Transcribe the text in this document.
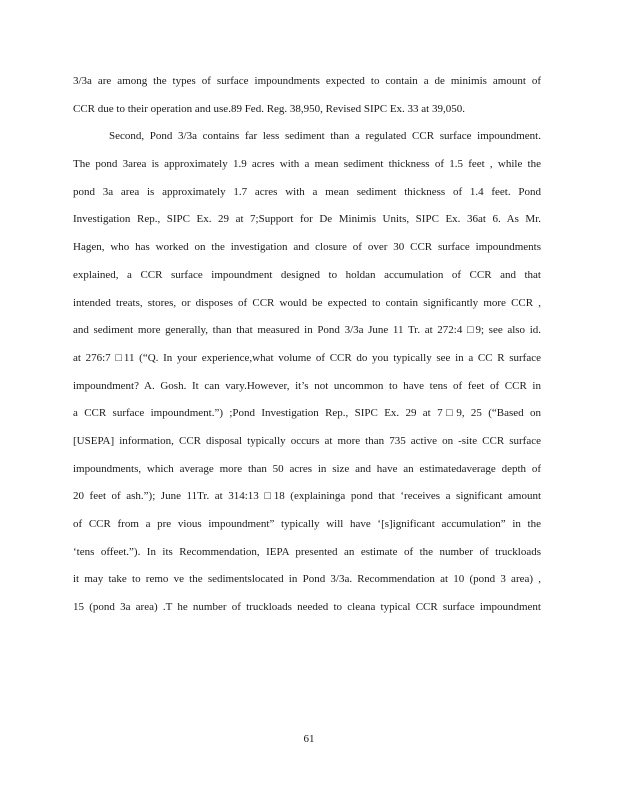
3/3a are among the types of surface impoundments expected to contain a de minimis amount of
CCR due to their operation and use.89 Fed. Reg. 38,950, Revised SIPC Ex. 33 at 39,050.
Second, Pond 3/3a contains far less sediment than a regulated CCR surface impoundment.
The pond 3area is approximately 1.9 acres with a mean sediment thickness of 1.5 feet , while the
pond 3a area is approximately 1.7 acres with a mean sediment thickness of 1.4 feet. Pond
Investigation Rep., SIPC Ex. 29 at 7;Support for De Minimis Units, SIPC Ex. 36at 6. As Mr.
Hagen, who has worked on the investigation and closure of over 30 CCR surface impoundments
explained, a CCR surface impoundment designed to holdan accumulation of CCR and that
intended treats, stores, or disposes of CCR would be expected to contain significantly more CCR ,
and sediment more generally, than that measured in Pond 3/3a June 11 Tr. at 272:4 □9; see also id.
at 276:7 □11 (“Q. In your experience,what volume of CCR do you typically see in a CC R surface
impoundment? A. Gosh. It can vary.However, it’s not uncommon to have tens of feet of CCR in
a CCR surface impoundment.”) ;Pond Investigation Rep., SIPC Ex. 29 at 7□9, 25 (“Based on
[USEPA] information, CCR disposal typically occurs at more than 735 active on -site CCR surface
impoundments, which average more than 50 acres in size and have an estimatedaverage depth of
20 feet of ash.”); June 11Tr. at 314:13 □18 (explaininga pond that ‘receives a significant amount
of CCR from a pre vious impoundment” typically will have ‘[s]ignificant accumulation” in the
‘tens offeet.”). In its Recommendation, IEPA presented an estimate of the number of truckloads
it may take to remo ve the sedimentslocated in Pond 3/3a. Recommendation at 10 (pond 3 area) ,
15 (pond 3a area) .T he number of truckloads needed to cleana typical CCR surface impoundment
61
